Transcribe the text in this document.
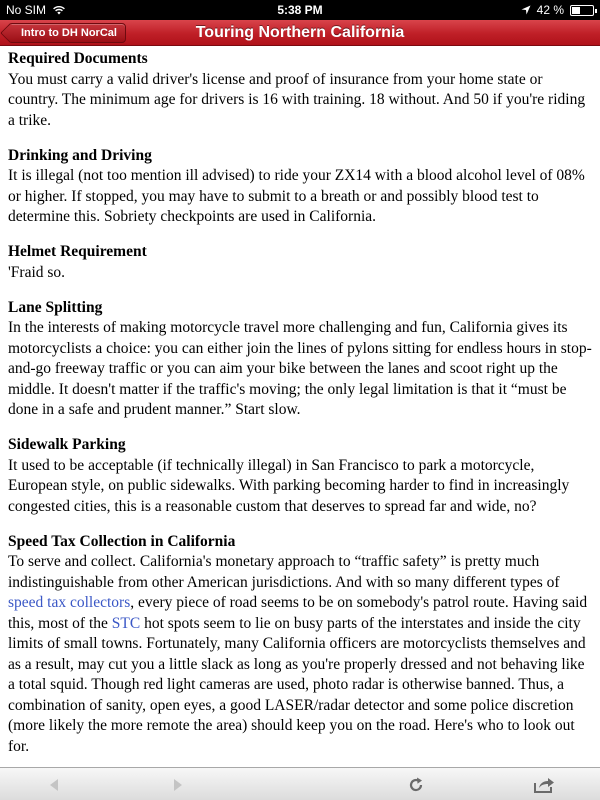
No SIM	5:38 PM	42 %
Intro to DH NorCal	Touring Northern California
Required Documents

You must carry a valid driver's license and proof of insurance from your home state or country. The minimum age for drivers is 16 with training. 18 without. And 50 if you're riding a trike.

Drinking and Driving

It is illegal (not too mention ill advised) to ride your ZX14 with a blood alcohol level of 08% or higher. If stopped, you may have to submit to a breath or and possibly blood test to determine this. Sobriety checkpoints are used in California.

Helmet Requirement

'Fraid so.

Lane Splitting

In the interests of making motorcycle travel more challenging and fun, California gives its motorcyclists a choice: you can either join the lines of pylons sitting for endless hours in stop-and-go freeway traffic or you can aim your bike between the lanes and scoot right up the middle. It doesn't matter if the traffic's moving; the only legal limitation is that it “must be done in a safe and prudent manner.” Start slow.

Sidewalk Parking

It used to be acceptable (if technically illegal) in San Francisco to park a motorcycle, European style, on public sidewalks. With parking becoming harder to find in increasingly congested cities, this is a reasonable custom that deserves to spread far and wide, no?

Speed Tax Collection in California

To serve and collect. California's monetary approach to “traffic safety” is pretty much indistinguishable from other American jurisdictions. And with so many different types of speed tax collectors, every piece of road seems to be on somebody's patrol route. Having said this, most of the STC hot spots seem to lie on busy parts of the interstates and inside the city limits of small towns. Fortunately, many California officers are motorcyclists themselves and as a result, may cut you a little slack as long as you're properly dressed and not behaving like a total squid. Though red light cameras are used, photo radar is otherwise banned. Thus, a combination of sanity, open eyes, a good LASER/radar detector and some police discretion (more likely the more remote the area) should keep you on the road. Here's who to look out for.
